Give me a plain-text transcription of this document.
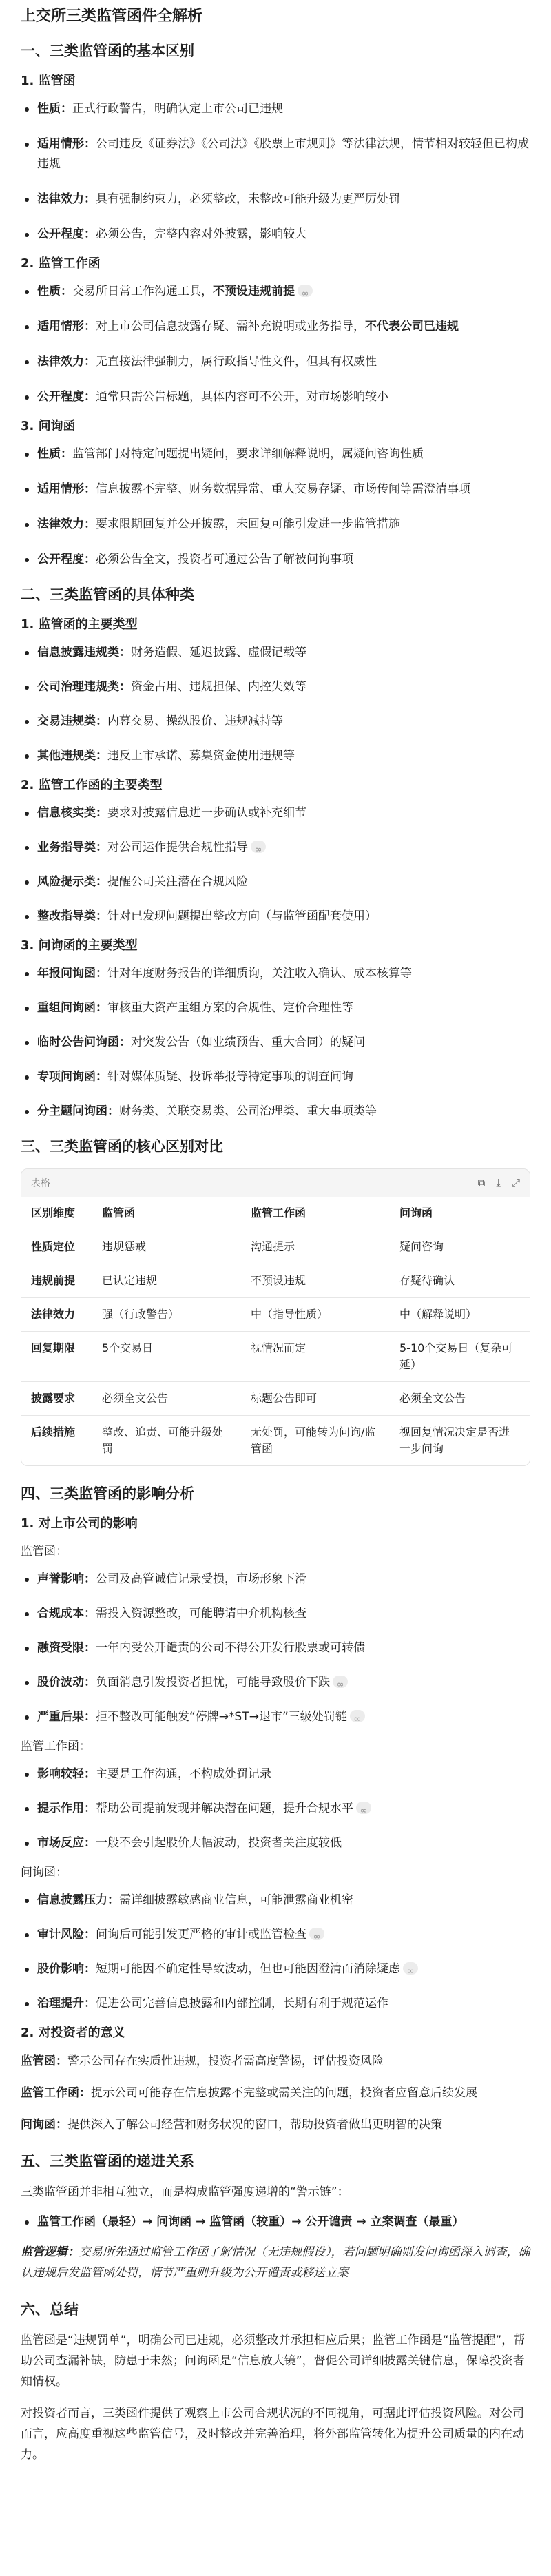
上交所三类监管函件全解析
一、三类监管函的基本区别
1. 监管函
性质：正式行政警告，明确认定上市公司已违规
适用情形：公司违反《证券法》《公司法》《股票上市规则》等法律法规，情节相对较轻但已构成违规
法律效力：具有强制约束力，必须整改，未整改可能升级为更严厉处罚
公开程度：必须公告，完整内容对外披露，影响较大
2. 监管工作函
性质：交易所日常工作沟通工具，不预设违规前提∞
适用情形：对上市公司信息披露存疑、需补充说明或业务指导，不代表公司已违规
法律效力：无直接法律强制力，属行政指导性文件，但具有权威性
公开程度：通常只需公告标题，具体内容可不公开，对市场影响较小
3. 问询函
性质：监管部门对特定问题提出疑问，要求详细解释说明，属疑问咨询性质
适用情形：信息披露不完整、财务数据异常、重大交易存疑、市场传闻等需澄清事项
法律效力：要求限期回复并公开披露，未回复可能引发进一步监管措施
公开程度：必须公告全文，投资者可通过公告了解被问询事项
二、三类监管函的具体种类
1. 监管函的主要类型
信息披露违规类：财务造假、延迟披露、虚假记载等
公司治理违规类：资金占用、违规担保、内控失效等
交易违规类：内幕交易、操纵股价、违规减持等
其他违规类：违反上市承诺、募集资金使用违规等
2. 监管工作函的主要类型
信息核实类：要求对披露信息进一步确认或补充细节
业务指导类：对公司运作提供合规性指导∞
风险提示类：提醒公司关注潜在合规风险
整改指导类：针对已发现问题提出整改方向（与监管函配套使用）
3. 问询函的主要类型
年报问询函：针对年度财务报告的详细质询，关注收入确认、成本核算等
重组问询函：审核重大资产重组方案的合规性、定价合理性等
临时公告问询函：对突发公告（如业绩预告、重大合同）的疑问
专项问询函：针对媒体质疑、投诉举报等特定事项的调查问询
分主题问询函：财务类、关联交易类、公司治理类、重大事项类等
三、三类监管函的核心区别对比
表格	⧉ ⤓ ⤢
区别维度	监管函	监管工作函	问询函
性质定位	违规惩戒	沟通提示	疑问咨询
违规前提	已认定违规	不预设违规	存疑待确认
法律效力	强（行政警告）	中（指导性质）	中（解释说明）
回复期限	5个交易日	视情况而定	5-10个交易日（复杂可延）
披露要求	必须全文公告	标题公告即可	必须全文公告
后续措施	整改、追责、可能升级处罚	无处罚，可能转为问询/监管函	视回复情况决定是否进一步问询
四、三类监管函的影响分析
1. 对上市公司的影响
监管函：
声誉影响：公司及高管诚信记录受损，市场形象下滑
合规成本：需投入资源整改，可能聘请中介机构核查
融资受限：一年内受公开谴责的公司不得公开发行股票或可转债
股价波动：负面消息引发投资者担忧，可能导致股价下跌∞
严重后果：拒不整改可能触发“停牌→*ST→退市”三级处罚链∞
监管工作函：
影响较轻：主要是工作沟通，不构成处罚记录
提示作用：帮助公司提前发现并解决潜在问题，提升合规水平∞
市场反应：一般不会引起股价大幅波动，投资者关注度较低
问询函：
信息披露压力：需详细披露敏感商业信息，可能泄露商业机密
审计风险：问询后可能引发更严格的审计或监管检查∞
股价影响：短期可能因不确定性导致波动，但也可能因澄清而消除疑虑∞
治理提升：促进公司完善信息披露和内部控制，长期有利于规范运作
2. 对投资者的意义

监管函：警示公司存在实质性违规，投资者需高度警惕，评估投资风险

监管工作函：提示公司可能存在信息披露不完整或需关注的问题，投资者应留意后续发展

问询函：提供深入了解公司经营和财务状况的窗口，帮助投资者做出更明智的决策

五、三类监管函的递进关系

三类监管函并非相互独立，而是构成监管强度递增的“警示链”：

监管工作函（最轻）→ 问询函 → 监管函（较重）→ 公开谴责 → 立案调查（最重）

监管逻辑：交易所先通过监管工作函了解情况（无违规假设），若问题明确则发问询函深入调查，确认违规后发监管函处罚，情节严重则升级为公开谴责或移送立案

六、总结

监管函是“违规罚单”，明确公司已违规，必须整改并承担相应后果；监管工作函是“监管提醒”，帮助公司查漏补缺，防患于未然；问询函是“信息放大镜”，督促公司详细披露关键信息，保障投资者知情权。

对投资者而言，三类函件提供了观察上市公司合规状况的不同视角，可据此评估投资风险。对公司而言，应高度重视这些监管信号，及时整改并完善治理，将外部监管转化为提升公司质量的内在动力。
